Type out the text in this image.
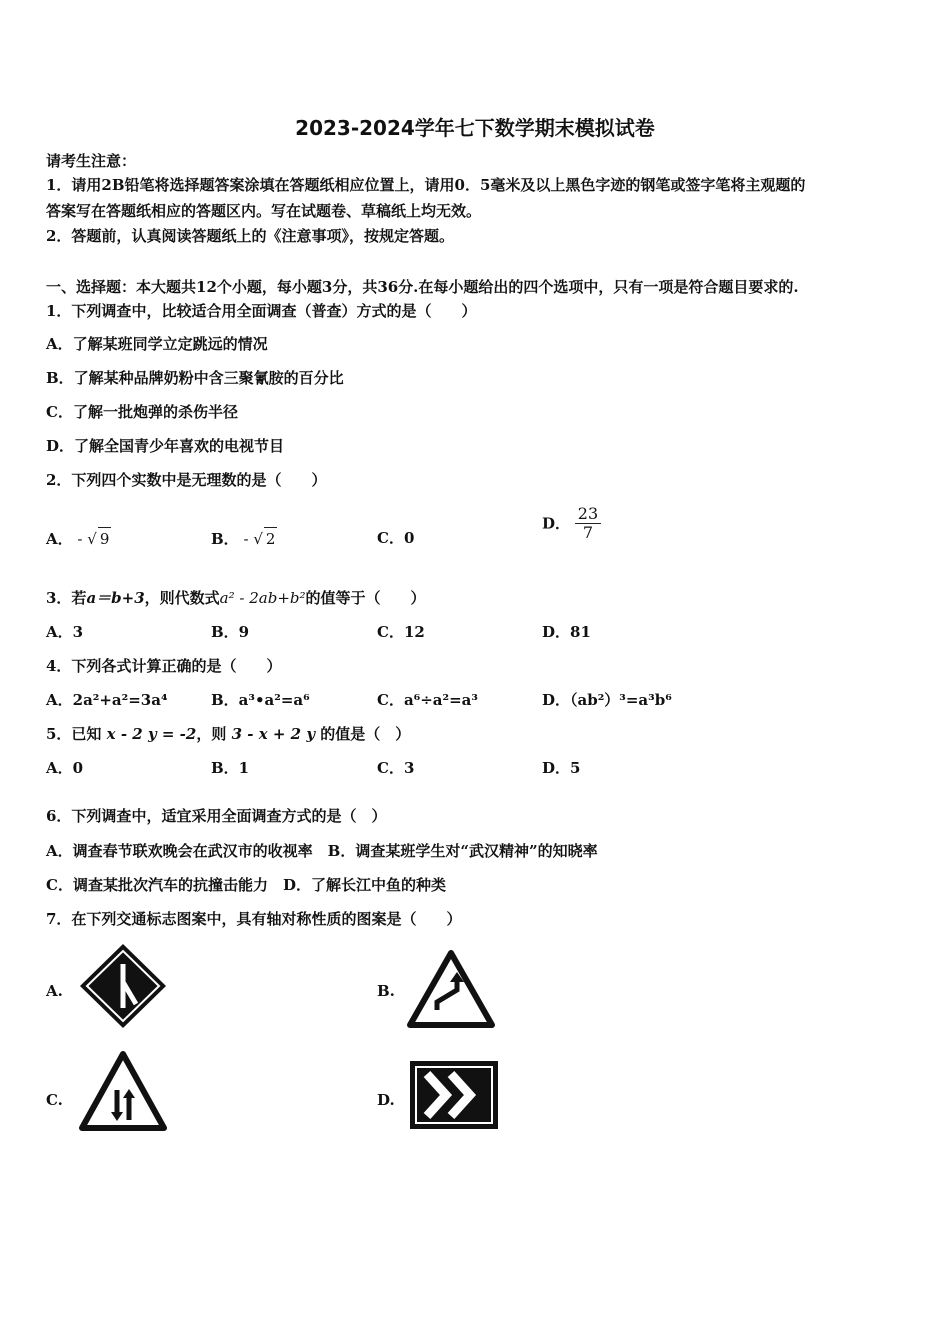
2023-2024学年七下数学期末模拟试卷
请考生注意：
1．请用2B铅笔将选择题答案涂填在答题纸相应位置上，请用0．5毫米及以上黑色字迹的钢笔或签字笔将主观题的
答案写在答题纸相应的答题区内。写在试题卷、草稿纸上均无效。
2．答题前，认真阅读答题纸上的《注意事项》，按规定答题。
一、选择题：本大题共12个小题，每小题3分，共36分.在每小题给出的四个选项中，只有一项是符合题目要求的.
1．下列调查中，比较适合用全面调查（普查）方式的是（　　）
A．了解某班同学立定跳远的情况
B．了解某种品牌奶粉中含三聚氰胺的百分比
C．了解一批炮弹的杀伤半径
D．了解全国青少年喜欢的电视节目
2．下列四个实数中是无理数的是（　　）
A． - √ 9	B． - √ 2	C．0
D． $\frac{23}{7}$
3．若a＝b+3，则代数式a² - 2ab+b²的值等于（　　）
A．3	B．9	C．12	D．81
4．下列各式计算正确的是（　　）
A．2a²+a²=3a⁴	B．a³•a²=a⁶	C．a⁶÷a²=a³	D．（ab²）³=a³b⁶
5．已知 x - 2 y = -2，则 3 - x + 2 y 的值是（　）
A．0	B．1	C．3	D．5
6．下列调查中，适宜采用全面调查方式的是（　）
A．调查春节联欢晚会在武汉市的收视率　B．调查某班学生对“武汉精神”的知晓率
C．调查某批次汽车的抗撞击能力　D．了解长江中鱼的种类
7．在下列交通标志图案中，具有轴对称性质的图案是（　　）
A.	B.
C.	D.
